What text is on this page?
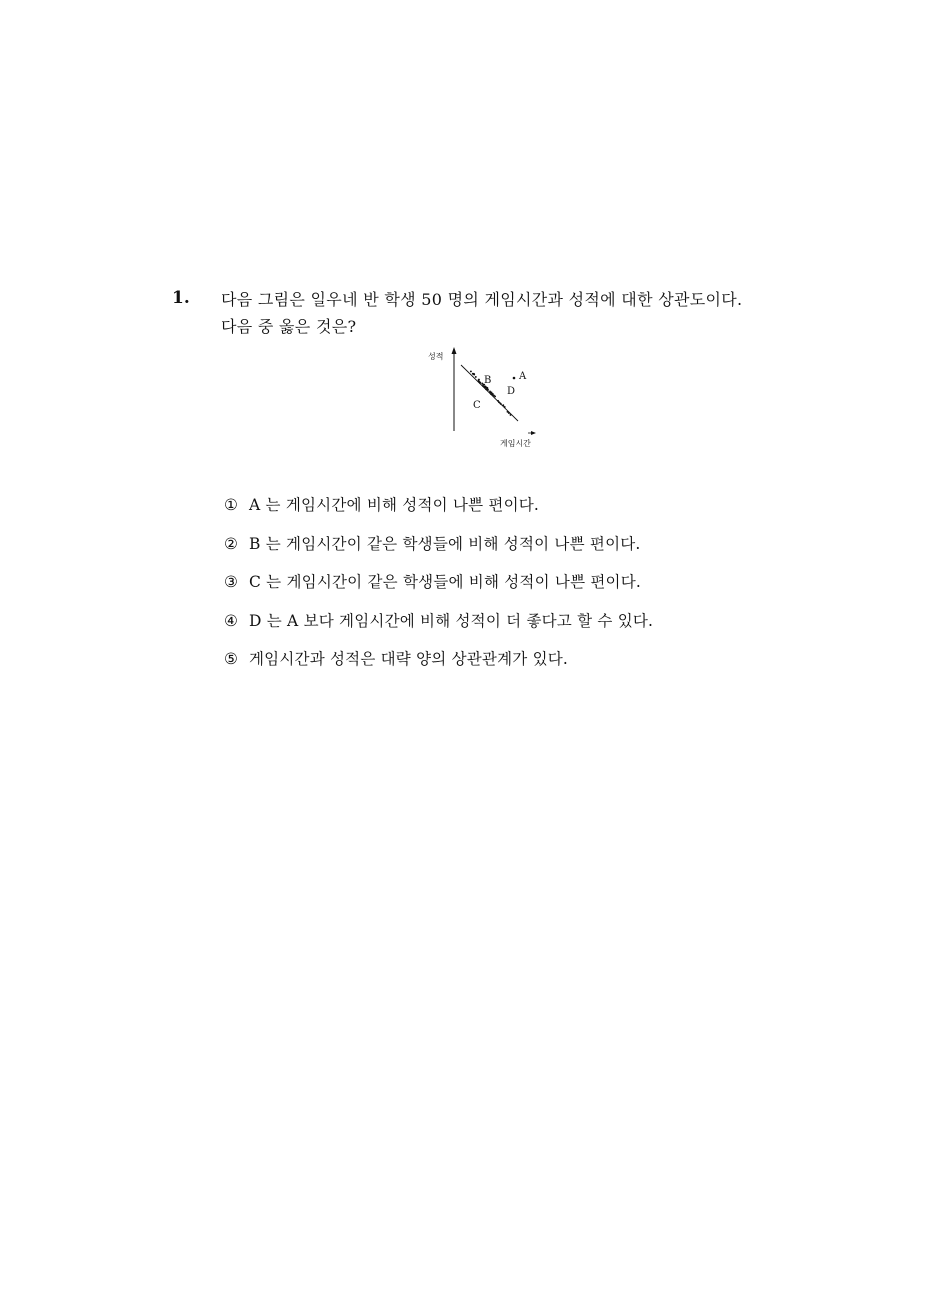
1. 다음 그림은 일우네 반 학생 50 명의 게임시간과 성적에 대한 상관도이다. 다음 중 옳은 것은?
성적
게임시간
A
B
C
D
① A 는 게임시간에 비해 성적이 나쁜 편이다.
② B 는 게임시간이 같은 학생들에 비해 성적이 나쁜 편이다.
③ C 는 게임시간이 같은 학생들에 비해 성적이 나쁜 편이다.
④ D 는 A 보다 게임시간에 비해 성적이 더 좋다고 할 수 있다.
⑤ 게임시간과 성적은 대략 양의 상관관계가 있다.
